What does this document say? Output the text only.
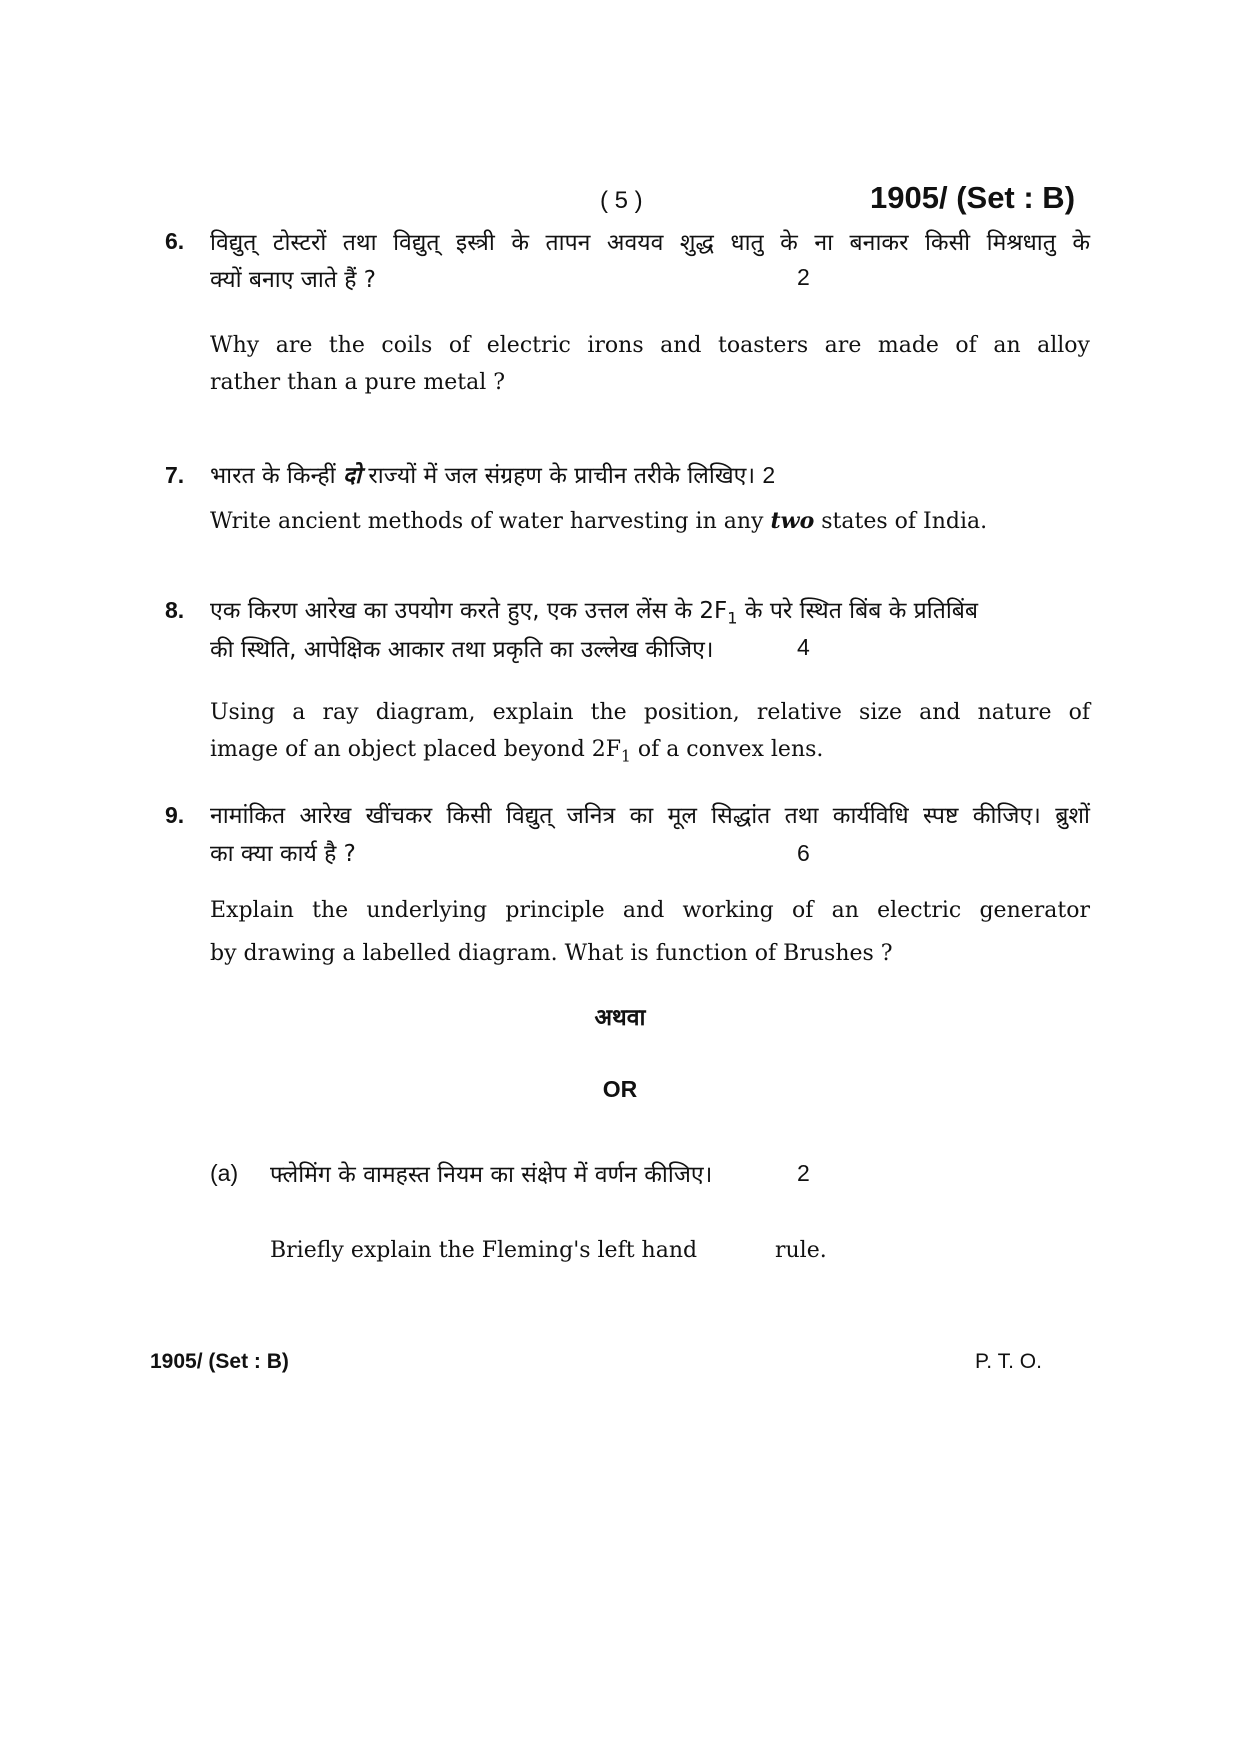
( 5 )	1905/ (Set : B)
6. विद्युत् टोस्टरों तथा विद्युत् इस्त्री के तापन अवयव शुद्ध धातु के ना बनाकर किसी मिश्रधातु के
क्यों बनाए जाते हैं ?	2
Why are the coils of electric irons and toasters are made of an alloy
rather than a pure metal ?
7. भारत के किन्हीं दो राज्यों में जल संग्रहण के प्राचीन तरीके लिखिए। 2
Write ancient methods of water harvesting in any two states of India.
8. एक किरण आरेख का उपयोग करते हुए, एक उत्तल लेंस के $2F_1$ के परे स्थित बिंब के प्रतिबिंब
की स्थिति, आपेक्षिक आकार तथा प्रकृति का उल्लेख कीजिए।	4
Using a ray diagram, explain the position, relative size and nature of
image of an object placed beyond $2F_1$ of a convex lens.
9. नामांकित आरेख खींचकर किसी विद्युत् जनित्र का मूल सिद्धांत तथा कार्यविधि स्पष्ट कीजिए। ब्रुशों
का क्या कार्य है ?	6
Explain the underlying principle and working of an electric generator
by drawing a labelled diagram. What is function of Brushes ?
अथवा
OR
(a) फ्लेमिंग के वामहस्त नियम का संक्षेप में वर्णन कीजिए।	2
Briefly explain the Fleming's left hand	rule.
1905/ (Set : B)	P. T. O.
